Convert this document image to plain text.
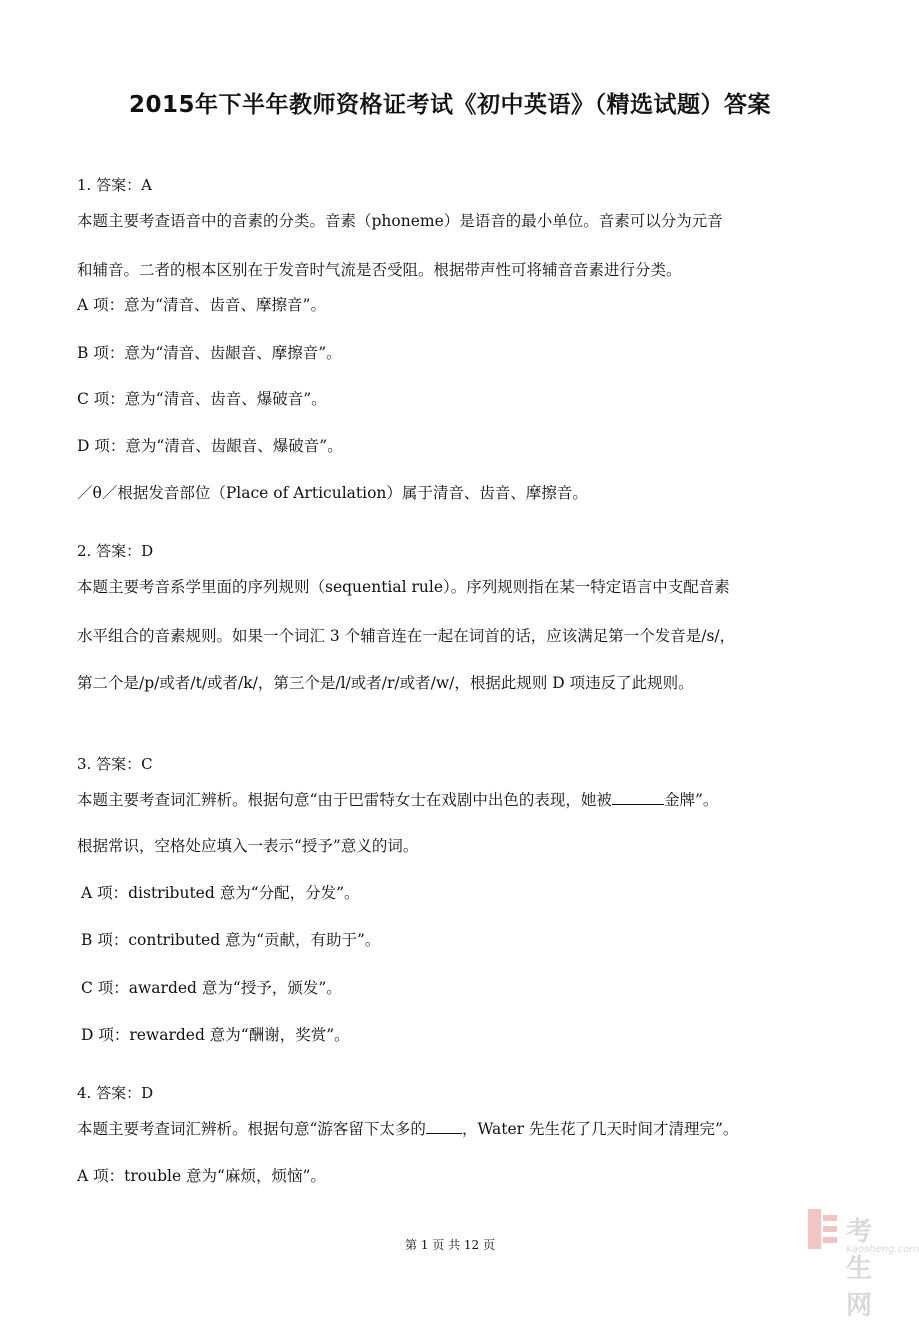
2015年下半年教师资格证考试《初中英语》（精选试题）答案
1. 答案：A
本题主要考查语音中的音素的分类。音素（phoneme）是语音的最小单位。音素可以分为元音
和辅音。二者的根本区别在于发音时气流是否受阻。根据带声性可将辅音音素进行分类。
A 项：意为“清音、齿音、摩擦音”。
B 项：意为“清音、齿龈音、摩擦音”。
C 项：意为“清音、齿音、爆破音”。
D 项：意为“清音、齿龈音、爆破音”。
／θ／根据发音部位（Place of Articulation）属于清音、齿音、摩擦音。
2. 答案：D
本题主要考音系学里面的序列规则（sequential rule）。序列规则指在某一特定语言中支配音素
水平组合的音素规则。如果一个词汇 3 个辅音连在一起在词首的话，应该满足第一个发音是/s/，
第二个是/p/或者/t/或者/k/，第三个是/l/或者/r/或者/w/，根据此规则 D 项违反了此规则。
3. 答案：C
本题主要考查词汇辨析。根据句意“由于巴雷特女士在戏剧中出色的表现，她被	金牌”。
根据常识，空格处应填入一表示“授予”意义的词。
A 项：distributed 意为“分配，分发”。
B 项：contributed 意为“贡献，有助于”。
C 项：awarded 意为“授予，颁发”。
D 项：rewarded 意为“酬谢，奖赏”。
4. 答案：D
本题主要考查词汇辨析。根据句意“游客留下太多的 ，Water 先生花了几天时间才清理完”。
A 项：trouble 意为“麻烦，烦恼”。
第 1 页 共 12 页	考生网
kaosheng.com
